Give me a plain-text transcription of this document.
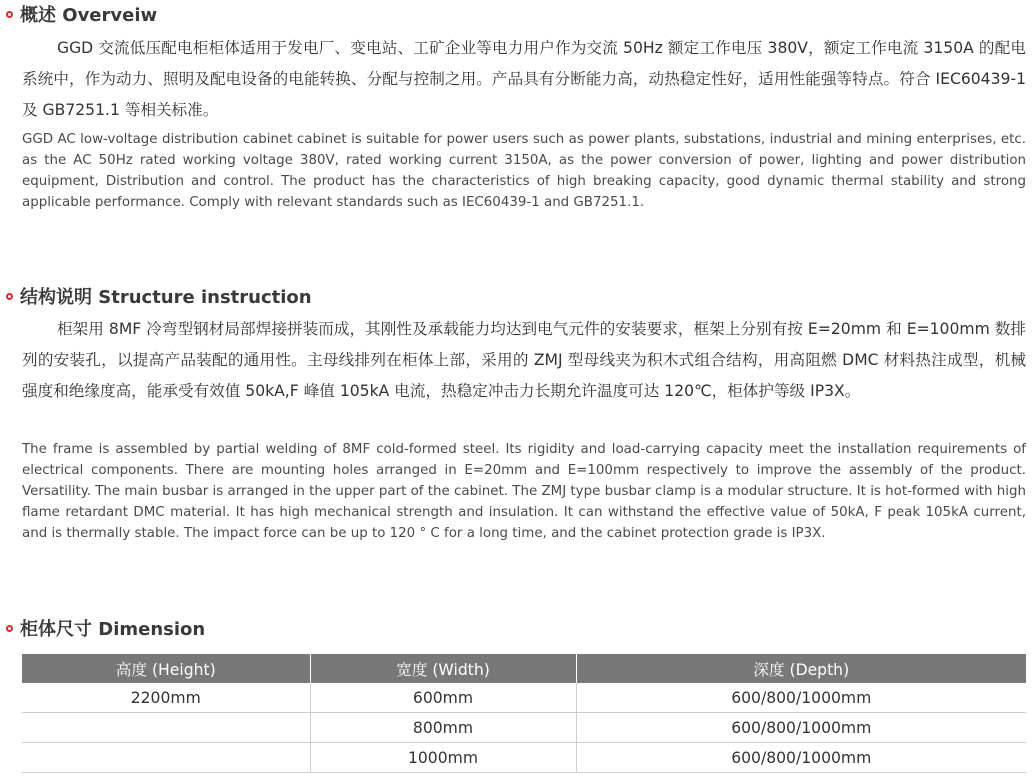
概述 Overveiw

GGD 交流低压配电柜柜体适用于发电厂、变电站、工矿企业等电力用户作为交流 50Hz 额定工作电压 380V，额定工作电流 3150A 的配电系统中，作为动力、照明及配电设备的电能转换、分配与控制之用。产品具有分断能力高，动热稳定性好，适用性能强等特点。符合 IEC60439-1 及 GB7251.1 等相关标准。

GGD AC low-voltage distribution cabinet cabinet is suitable for power users such as power plants, substations, industrial and mining enterprises, etc. as the AC 50Hz rated working voltage 380V, rated working current 3150A, as the power conversion of power, lighting and power distribution equipment, Distribution and control. The product has the characteristics of high breaking capacity, good dynamic thermal stability and strong applicable performance. Comply with relevant standards such as IEC60439-1 and GB7251.1.

结构说明 Structure instruction

柜架用 8MF 冷弯型钢材局部焊接拼装而成，其刚性及承载能力均达到电气元件的安装要求，框架上分别有按 E=20mm 和 E=100mm 数排列的安装孔，以提高产品装配的通用性。主母线排列在柜体上部，采用的 ZMJ 型母线夹为积木式组合结构，用高阻燃 DMC 材料热注成型，机械强度和绝缘度高，能承受有效值 50kA,F 峰值 105kA 电流，热稳定冲击力长期允许温度可达 120℃，柜体护等级 IP3X。

The frame is assembled by partial welding of 8MF cold-formed steel. Its rigidity and load-carrying capacity meet the installation requirements of electrical components. There are mounting holes arranged in E=20mm and E=100mm respectively to improve the assembly of the product. Versatility. The main busbar is arranged in the upper part of the cabinet. The ZMJ type busbar clamp is a modular structure. It is hot-formed with high flame retardant DMC material. It has high mechanical strength and insulation. It can withstand the effective value of 50kA, F peak 105kA current, and is thermally stable. The impact force can be up to 120 ° C for a long time, and the cabinet protection grade is IP3X.

柜体尺寸 Dimension
高度 (Height)	宽度 (Width)	深度 (Depth)
2200mm	600mm	600/800/1000mm
	800mm	600/800/1000mm
	1000mm	600/800/1000mm
